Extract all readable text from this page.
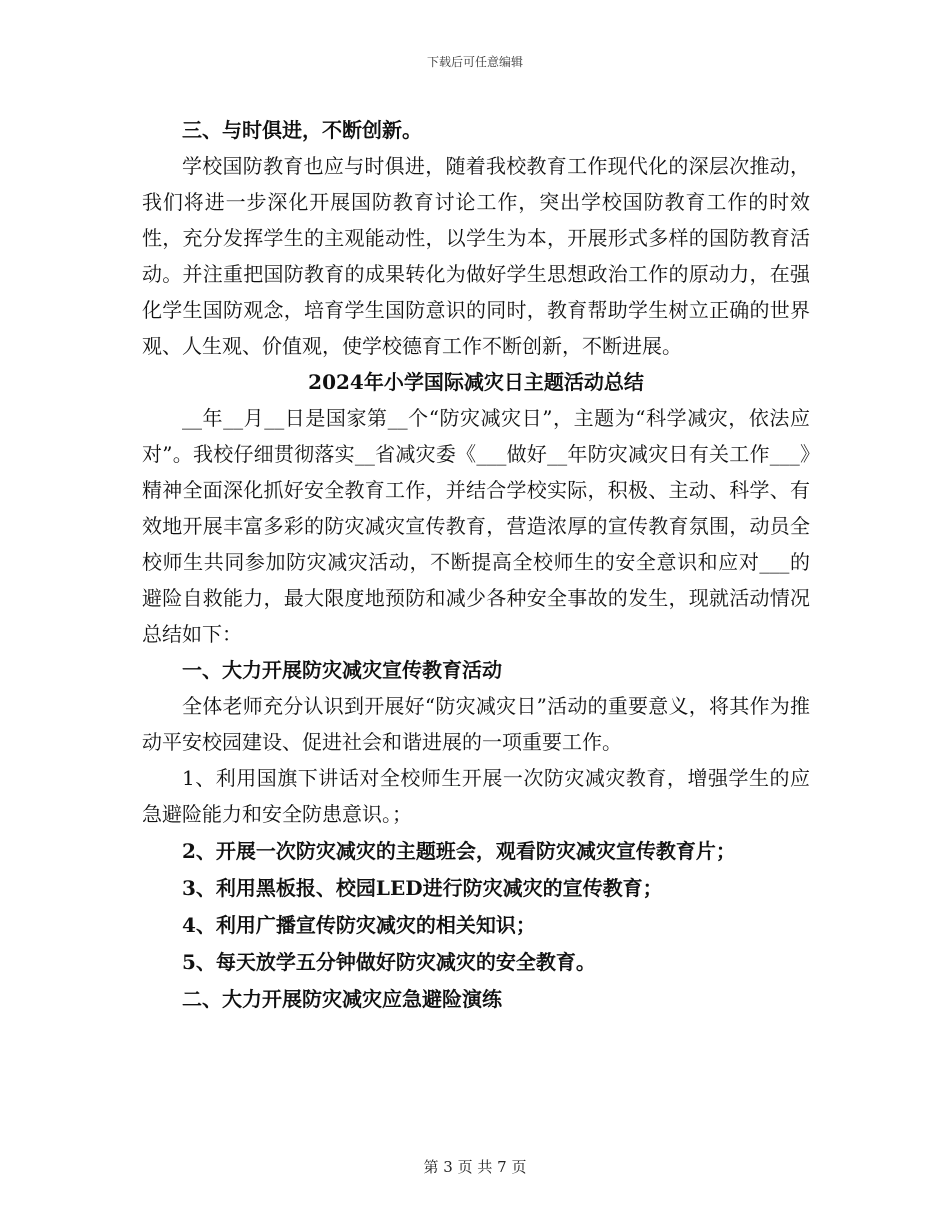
下载后可任意编辑

三、与时俱进，不断创新。

学校国防教育也应与时俱进，随着我校教育工作现代化的深层次推动，我们将进一步深化开展国防教育讨论工作，突出学校国防教育工作的时效性，充分发挥学生的主观能动性，以学生为本，开展形式多样的国防教育活动。并注重把国防教育的成果转化为做好学生思想政治工作的原动力，在强化学生国防观念，培育学生国防意识的同时，教育帮助学生树立正确的世界观、人生观、价值观，使学校德育工作不断创新，不断进展。

2024年小学国际减灾日主题活动总结

__年__月__日是国家第__个“防灾减灾日”，主题为“科学减灾，依法应对”。我校仔细贯彻落实__省减灾委《___做好__年防灾减灾日有关工作___》精神全面深化抓好安全教育工作，并结合学校实际，积极、主动、科学、有效地开展丰富多彩的防灾减灾宣传教育，营造浓厚的宣传教育氛围，动员全校师生共同参加防灾减灾活动，不断提高全校师生的安全意识和应对___的避险自救能力，最大限度地预防和减少各种安全事故的发生，现就活动情况总结如下：

一、大力开展防灾减灾宣传教育活动

全体老师充分认识到开展好“防灾减灾日”活动的重要意义，将其作为推动平安校园建设、促进社会和谐进展的一项重要工作。

1、利用国旗下讲话对全校师生开展一次防灾减灾教育，增强学生的应急避险能力和安全防患意识。；

2、开展一次防灾减灾的主题班会，观看防灾减灾宣传教育片；

3、利用黑板报、校园LED进行防灾减灾的宣传教育；

4、利用广播宣传防灾减灾的相关知识；

5、每天放学五分钟做好防灾减灾的安全教育。

二、大力开展防灾减灾应急避险演练

第 3 页 共 7 页
